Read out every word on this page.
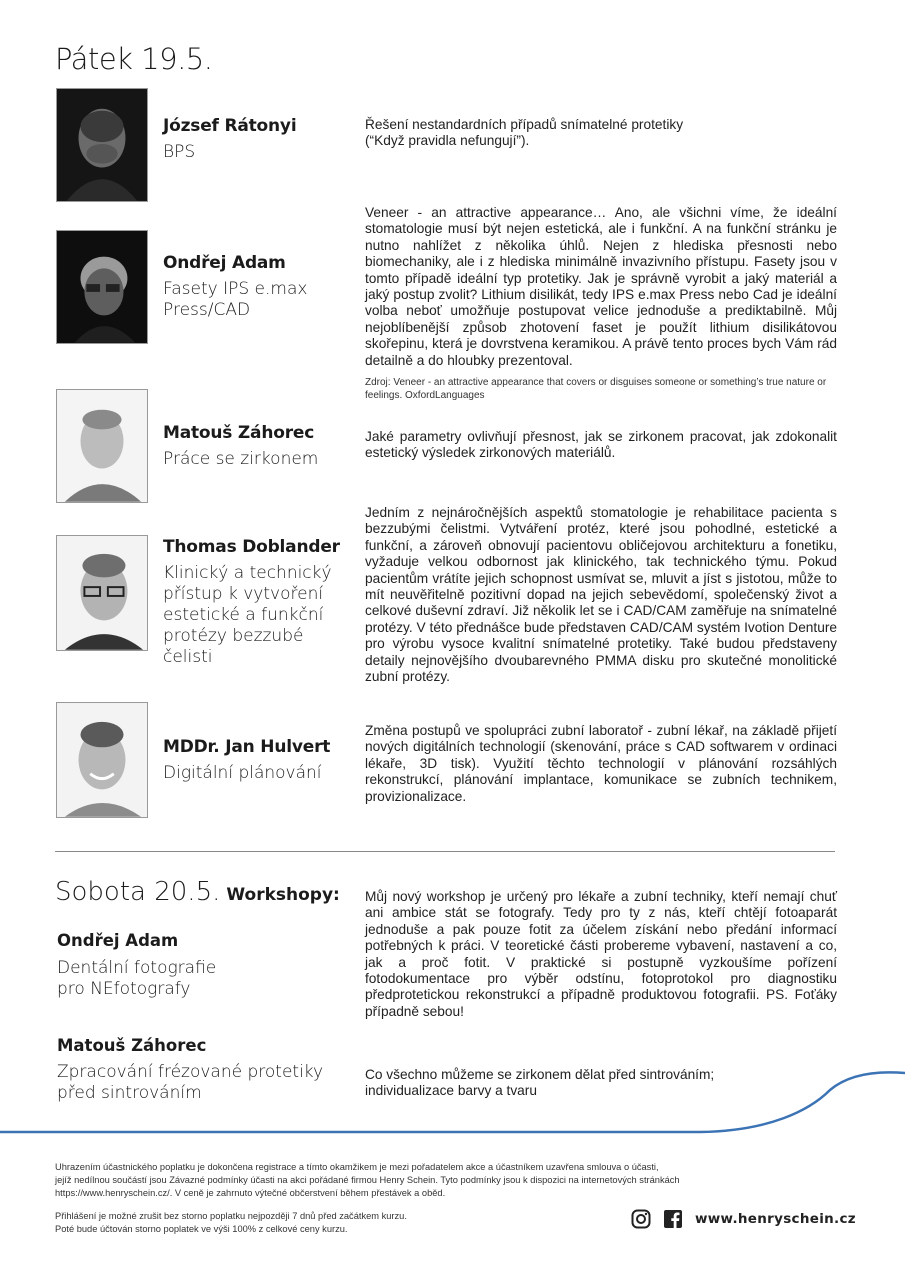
Pátek 19.5.
József Rátonyi
BPS

Řešení nestandardních případů snímatelné protetiky

(“Když pravidla nefungují”).

Ondřej Adam
Fasety IPS e.max
Press/CAD

Veneer - an attractive appearance… Ano, ale všichni víme, že ideální stomatologie musí být nejen estetická, ale i funkční. A na funkční stránku je nutno nahlížet z několika úhlů. Nejen z hlediska přesnosti nebo biomechaniky, ale i z hlediska minimálně invazivního přístupu. Fasety jsou v tomto případě ideální typ protetiky. Jak je správně vyrobit a jaký materiál a jaký postup zvolit? Lithium disilikát, tedy IPS e.max Press nebo Cad je ideální volba neboť umožňuje postupovat velice jednoduše a prediktabilně. Můj nejoblíbenější způsob zhotovení faset je použít lithium disilikátovou skořepinu, která je dovrstvena keramikou. A právě tento proces bych Vám rád detailně a do hloubky prezentoval.

Zdroj: Veneer - an attractive appearance that covers or disguises someone or something’s true nature or feelings. OxfordLanguages

Matouš Záhorec
Práce se zirkonem

Jaké parametry ovlivňují přesnost, jak se zirkonem pracovat, jak zdokonalit estetický výsledek zirkonových materiálů.

Thomas Doblander
Klinický a technický
přístup k vytvoření
estetické a funkční
protézy bezzubé
čelisti

Jedním z nejnáročnějších aspektů stomatologie je rehabilitace pacienta s bezzubými čelistmi. Vytváření protéz, které jsou pohodlné, estetické a funkční, a zároveň obnovují pacientovu obličejovou architekturu a fonetiku, vyžaduje velkou odbornost jak klinického, tak technického týmu. Pokud pacientům vrátíte jejich schopnost usmívat se, mluvit a jíst s jistotou, může to mít neuvěřitelně pozitivní dopad na jejich sebevědomí, společenský život a celkové duševní zdraví. Již několik let se i CAD/CAM zaměřuje na snímatelné protézy. V této přednášce bude představen CAD/CAM systém Ivotion Denture pro výrobu vysoce kvalitní snímatelné protetiky. Také budou představeny detaily nejnovějšího dvoubarevného PMMA disku pro skutečné monolitické zubní protézy.

MDDr. Jan Hulvert
Digitální plánování

Změna postupů ve spolupráci zubní laboratoř - zubní lékař, na základě přijetí nových digitálních technologií (skenování, práce s CAD softwarem v ordinaci lékaře, 3D tisk). Využití těchto technologií v plánování rozsáhlých rekonstrukcí, plánování implantace, komunikace se zubních technikem, provizionalizace.

Sobota 20.5. Workshopy:
Ondřej Adam
Dentální fotografie
pro NEfotografy

Můj nový workshop je určený pro lékaře a zubní techniky, kteří nemají chuť ani ambice stát se fotografy. Tedy pro ty z nás, kteří chtějí fotoaparát jednoduše a pak pouze fotit za účelem získání nebo předání informací potřebných k práci. V teoretické části probereme vybavení, nastavení a co, jak a proč fotit. V praktické si postupně vyzkoušíme pořízení fotodokumentace pro výběr odstínu, fotoprotokol pro diagnostiku předprotetickou rekonstrukcí a případně produktovou fotografii. PS. Foťáky případně sebou!

Matouš Záhorec
Zpracování frézované protetiky
před sintrováním

Co všechno můžeme se zirkonem dělat před sintrováním;

individualizace barvy a tvaru

Uhrazením účastnického poplatku je dokončena registrace a tímto okamžikem je mezi pořadatelem akce a účastníkem uzavřena smlouva o účasti,
jejíž nedílnou součástí jsou Závazné podmínky účasti na akci pořádané firmou Henry Schein. Tyto podmínky jsou k dispozici na internetových stránkách
https://www.henryschein.cz/. V ceně je zahrnuto výtečné občerstvení během přestávek a oběd.
Přihlášení je možné zrušit bez storno poplatku nejpozději 7 dnů před začátkem kurzu.
Poté bude účtován storno poplatek ve výši 100% z celkové ceny kurzu.
www.henryschein.cz
